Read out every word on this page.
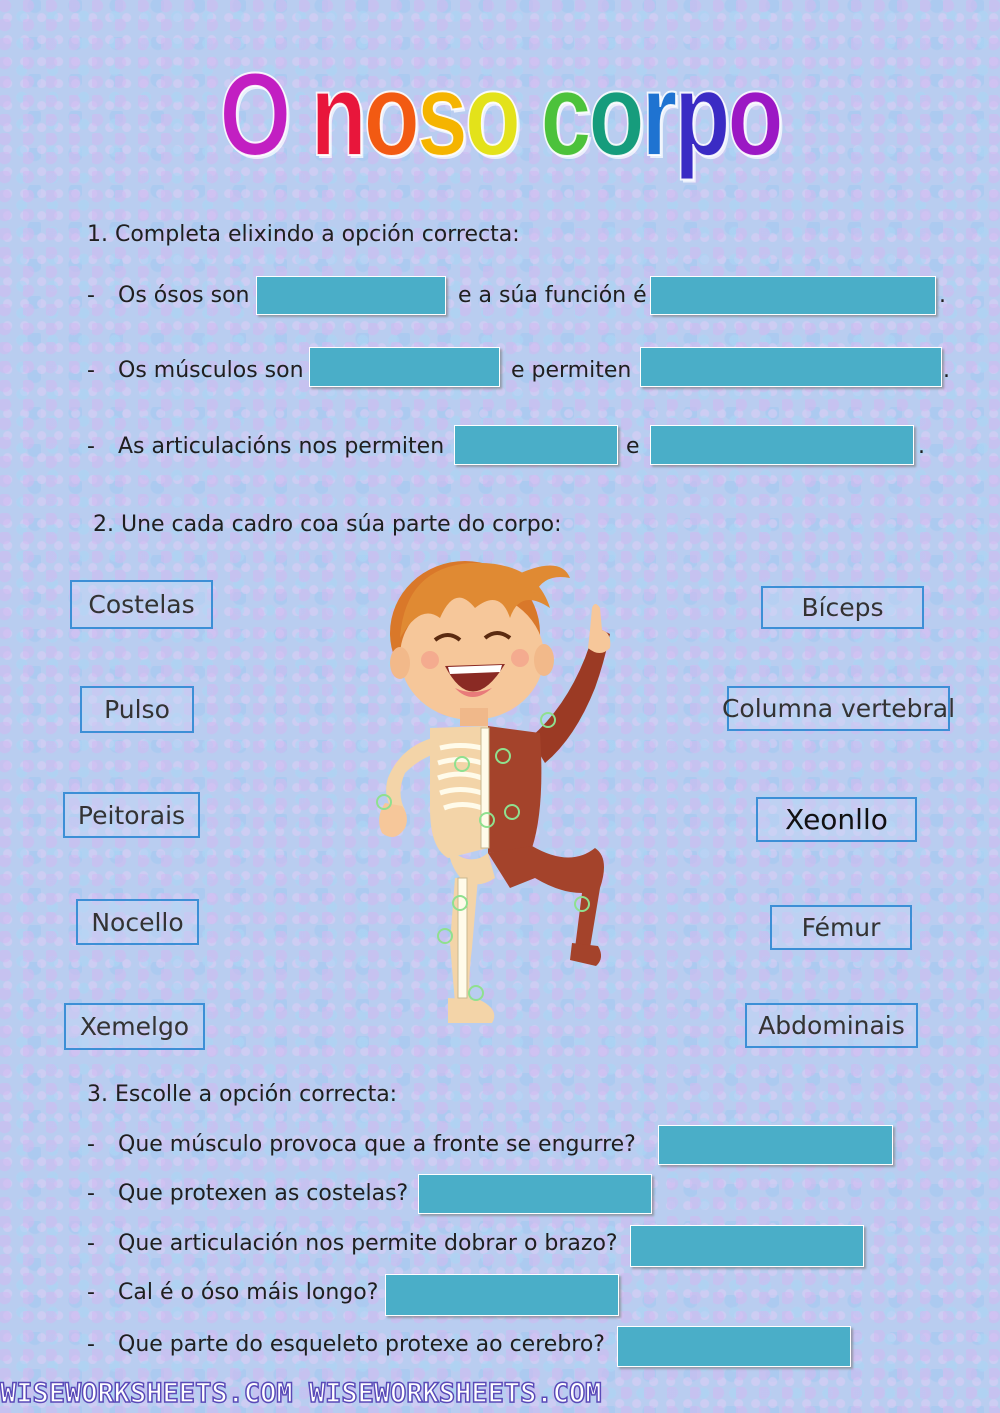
O noso corpo
1. Completa elixindo a opción correcta:
- Os ósos son	e a súa función é	.
- Os músculos son	e permiten	.
- As articulacións nos permiten	e	.
2. Une cada cadro coa súa parte do corpo:
Costelas
Pulso
Peitorais
Nocello
Xemelgo
Bíceps
Columna vertebral
Xeonllo
Fémur
Abdominais
3. Escolle a opción correcta:
- Que músculo provoca que a fronte se engurre?
- Que protexen as costelas?
- Que articulación nos permite dobrar o brazo?
- Cal é o óso máis longo?
- Que parte do esqueleto protexe ao cerebro?
WISEWORKSHEETS.COM WISEWORKSHEETS.COM
